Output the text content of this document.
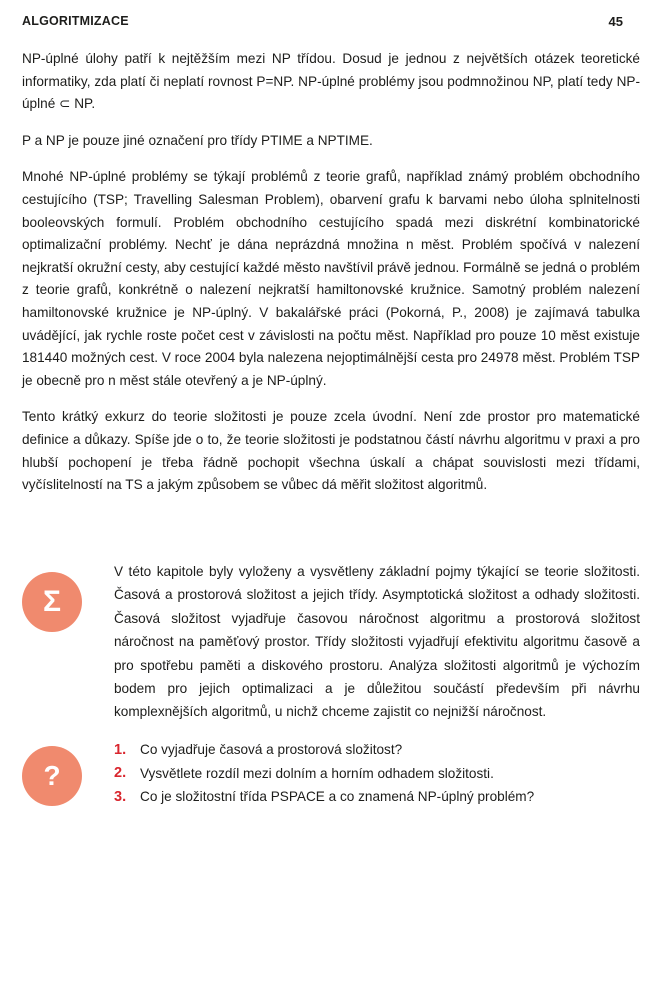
ALGORITMIZACE	45

NP-úplné úlohy patří k nejtěžším mezi NP třídou. Dosud je jednou z největších otázek teoretické informatiky, zda platí či neplatí rovnost P=NP. NP-úplné problémy jsou podmnožinou NP, platí tedy NP-úplné ⊂ NP.

P a NP je pouze jiné označení pro třídy PTIME a NPTIME.

Mnohé NP-úplné problémy se týkají problémů z teorie grafů, například známý problém obchodního cestujícího (TSP; Travelling Salesman Problem), obarvení grafu k barvami nebo úloha splnitelnosti booleovských formulí. Problém obchodního cestujícího spadá mezi diskrétní kombinatorické optimalizační problémy. Nechť je dána neprázdná množina n měst. Problém spočívá v nalezení nejkratší okružní cesty, aby cestující každé město navštívil právě jednou. Formálně se jedná o problém z teorie grafů, konkrétně o nalezení nejkratší hamiltonovské kružnice. Samotný problém nalezení hamiltonovské kružnice je NP-úplný. V bakalářské práci (Pokorná, P., 2008) je zajímavá tabulka uvádějící, jak rychle roste počet cest v závislosti na počtu měst. Například pro pouze 10 měst existuje 181440 možných cest. V roce 2004 byla nalezena nejoptimálnější cesta pro 24978 měst. Problém TSP je obecně pro n měst stále otevřený a je NP-úplný.

Tento krátký exkurz do teorie složitosti je pouze zcela úvodní. Není zde prostor pro matematické definice a důkazy. Spíše jde o to, že teorie složitosti je podstatnou částí návrhu algoritmu v praxi a pro hlubší pochopení je třeba řádně pochopit všechna úskalí a chápat souvislosti mezi třídami, vyčíslitelností na TS a jakým způsobem se vůbec dá měřit složitost algoritmů.

Σ
V této kapitole byly vyloženy a vysvětleny základní pojmy týkající se teorie složitosti. Časová a prostorová složitost a jejich třídy. Asymptotická složitost a odhady složitosti. Časová složitost vyjadřuje časovou náročnost algoritmu a prostorová složitost náročnost na paměťový prostor. Třídy složitosti vyjadřují efektivitu algoritmu časově a pro spotřebu paměti a diskového prostoru. Analýza složitosti algoritmů je výchozím bodem pro jejich optimalizaci a je důležitou součástí především při návrhu komplexnějších algoritmů, u nichž chceme zajistit co nejnižší náročnost.
?
1.	Co vyjadřuje časová a prostorová složitost?
2.	Vysvětlete rozdíl mezi dolním a horním odhadem složitosti.
3.	Co je složitostní třída PSPACE a co znamená NP-úplný problém?
